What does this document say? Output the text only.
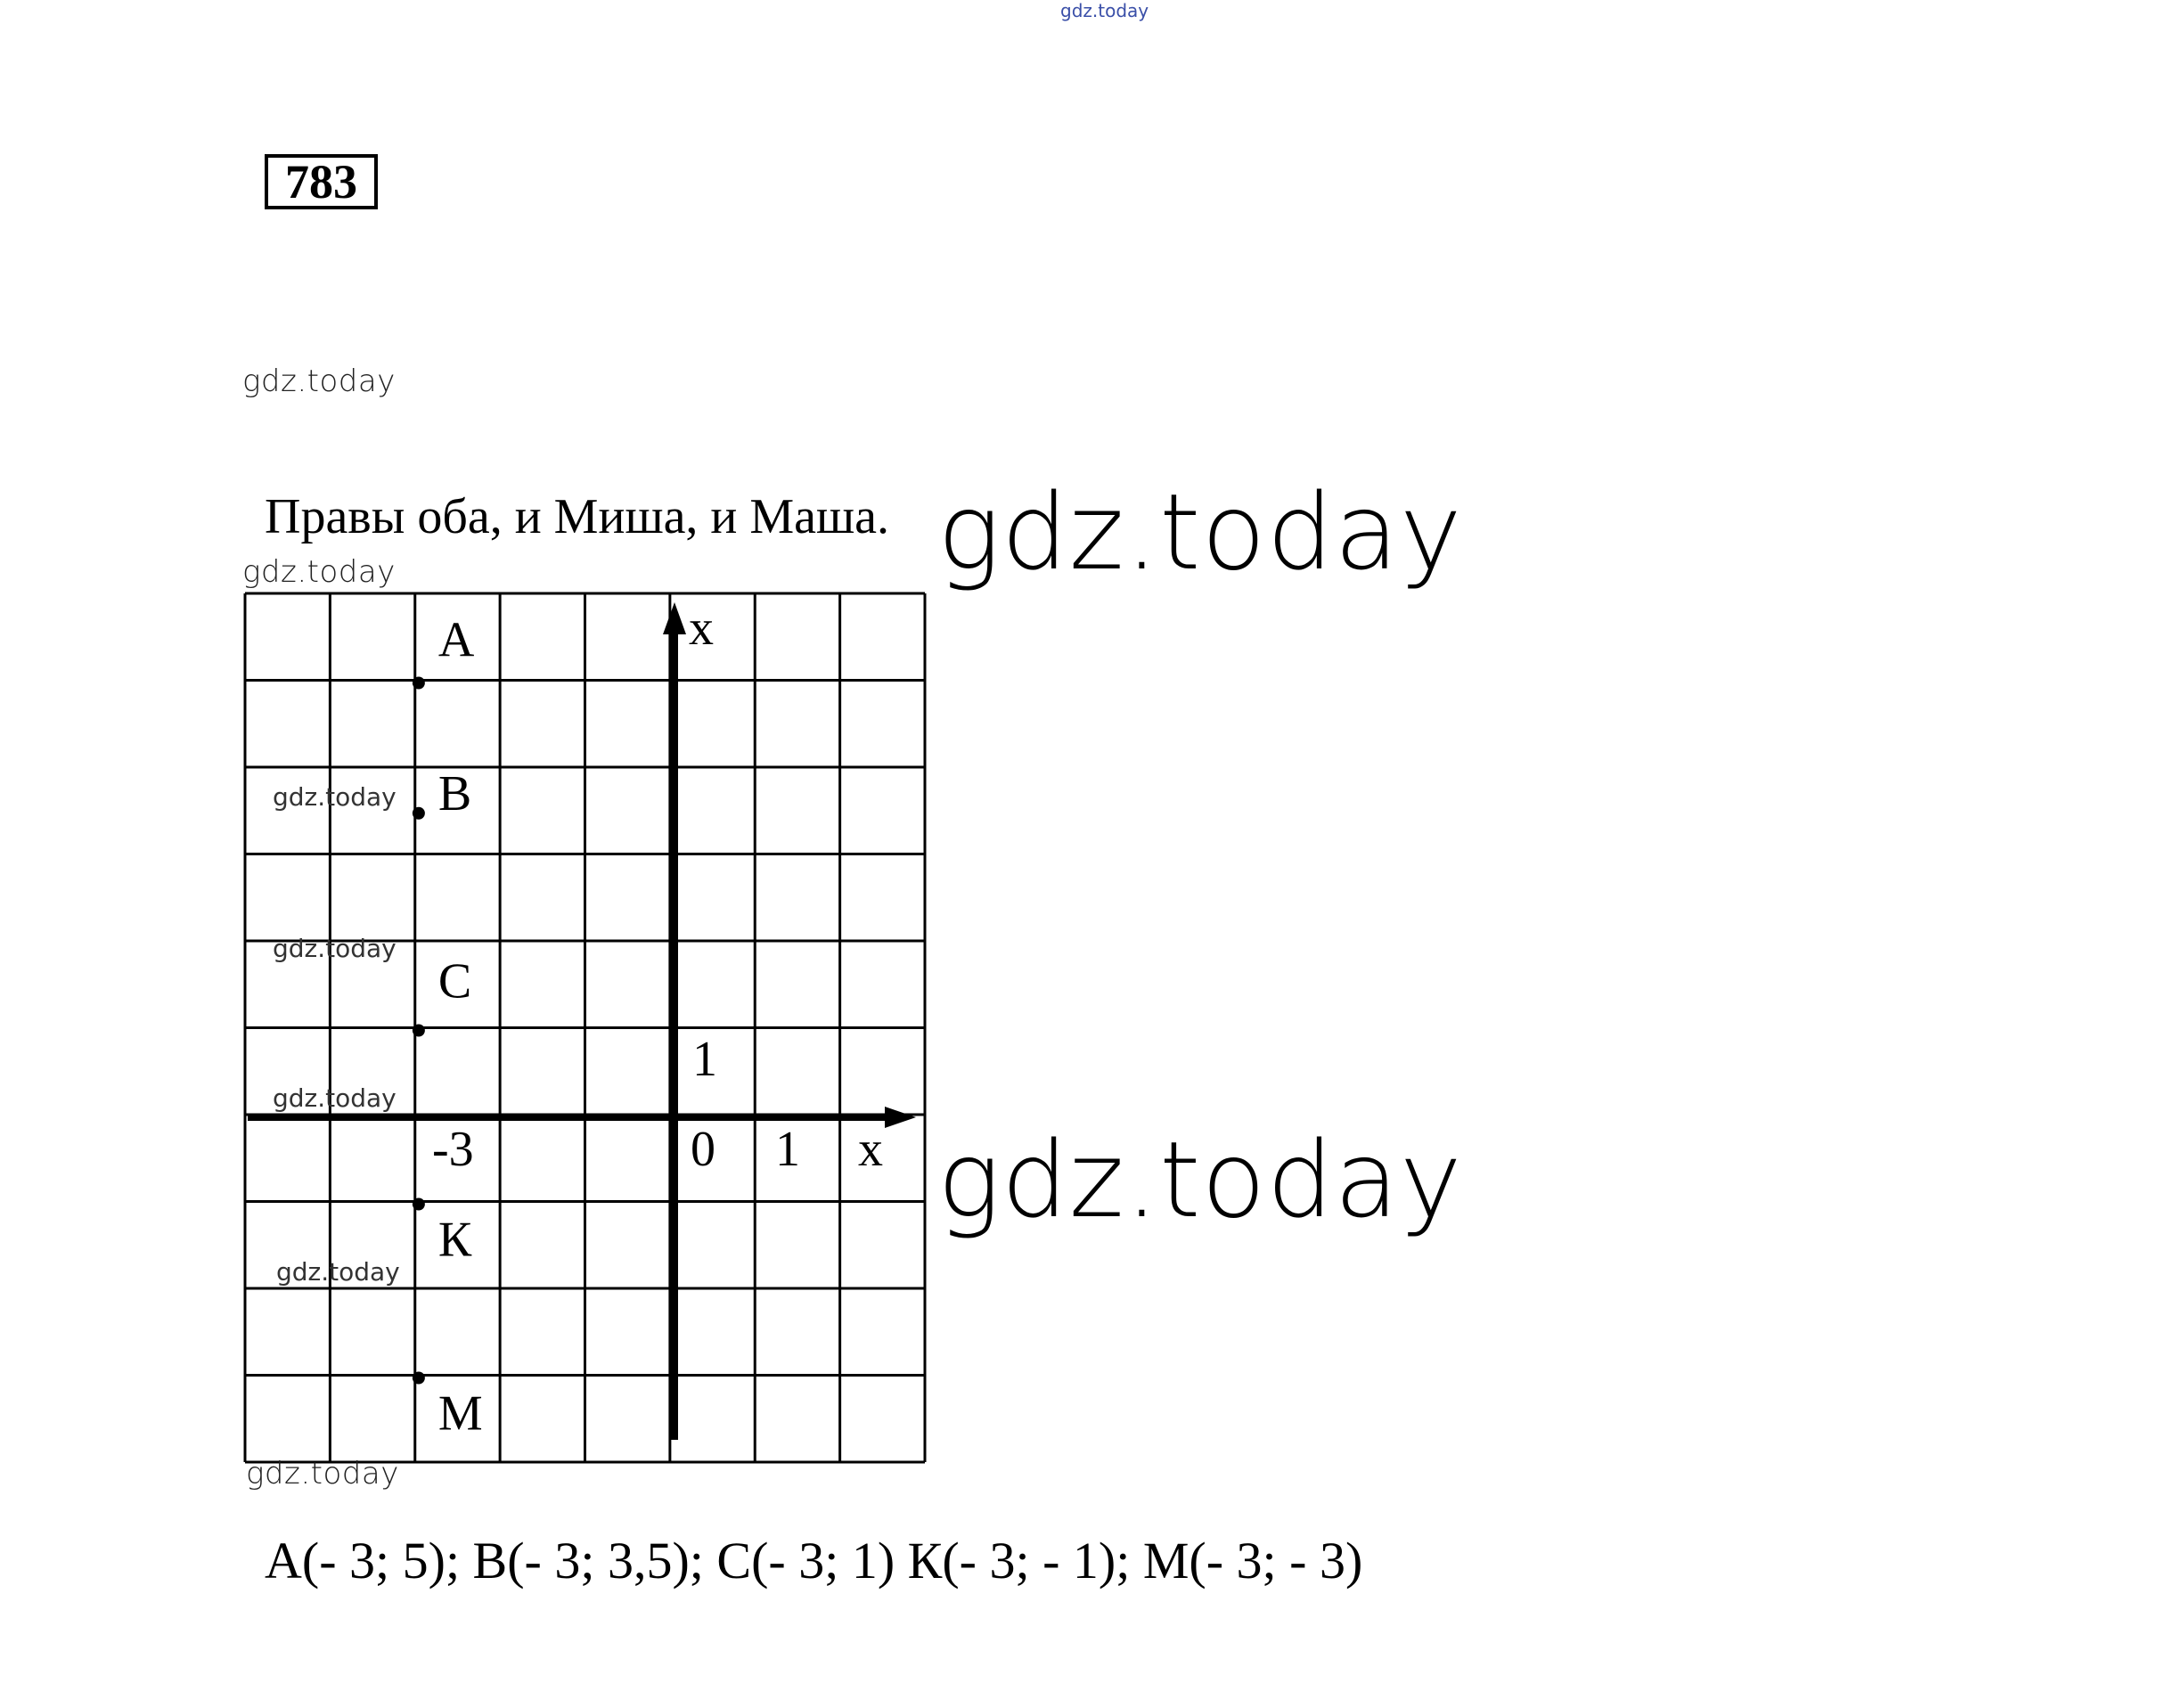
gdz.today
783
gdz.today
Правы оба, и Миша, и Маша. gdz.today
gdz.today
gdz.today
A
B
C
К
M
x
x
0 1
1
-3
gdz.today
gdz.today
gdz.today
gdz.today
gdz.today
А(- 3; 5); В(- 3; 3,5); С(- 3; 1) К(- 3; - 1); М(- 3; - 3)
